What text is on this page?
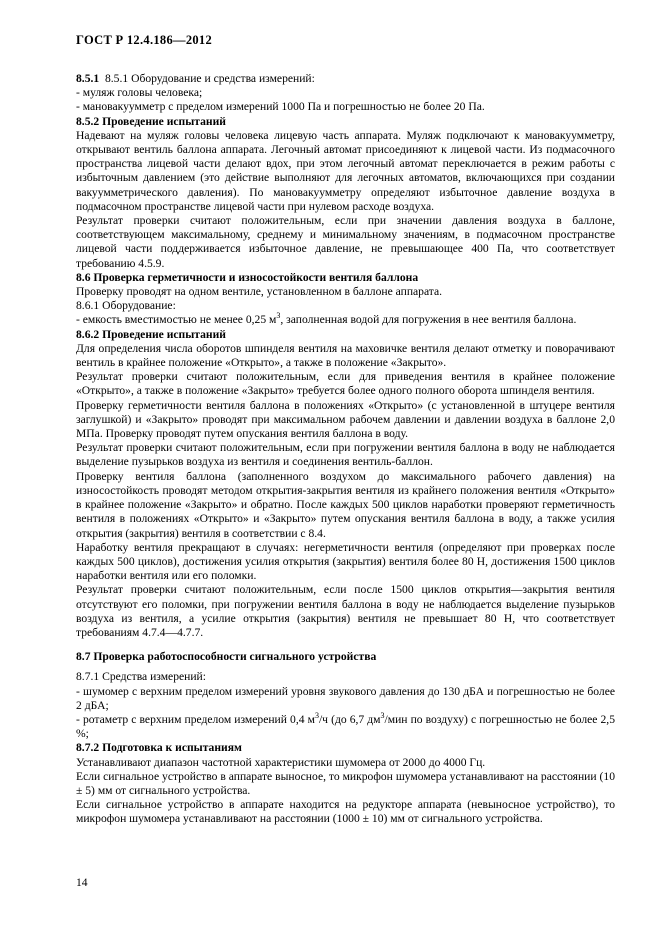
ГОСТ Р 12.4.186—2012

8.5.1 8.5.1 Оборудование и средства измерений:

- муляж головы человека;

- мановакуумметр с пределом измерений 1000 Па и погрешностью не более 20 Па.

8.5.2 Проведение испытаний

Надевают на муляж головы человека лицевую часть аппарата. Муляж подключают к мановакуумметру, открывают вентиль баллона аппарата. Легочный автомат присоединяют к лицевой части. Из подмасочного пространства лицевой части делают вдох, при этом легочный автомат переключается в режим работы с избыточным давлением (это действие выполняют для легочных автоматов, включающихся при создании вакуумметрического давления). По мановакуумметру определяют избыточное давление воздуха в подмасочном пространстве лицевой части при нулевом расходе воздуха.

Результат проверки считают положительным, если при значении давления воздуха в баллоне, соответствующем максимальному, среднему и минимальному значениям, в подмасочном пространстве лицевой части поддерживается избыточное давление, не превышающее 400 Па, что соответствует требованию 4.5.9.

8.6 Проверка герметичности и износостойкости вентиля баллона

Проверку проводят на одном вентиле, установленном в баллоне аппарата.

8.6.1 Оборудование:

- емкость вместимостью не менее 0,25 $м^3$, заполненная водой для погружения в нее вентиля баллона.

8.6.2 Проведение испытаний

Для определения числа оборотов шпинделя вентиля на маховичке вентиля делают отметку и поворачивают вентиль в крайнее положение «Открыто», а также в положение «Закрыто».

Результат проверки считают положительным, если для приведения вентиля в крайнее положение «Открыто», а также в положение «Закрыто» требуется более одного полного оборота шпинделя вентиля.

Проверку герметичности вентиля баллона в положениях «Открыто» (с установленной в штуцере вентиля заглушкой) и «Закрыто» проводят при максимальном рабочем давлении и давлении воздуха в баллоне 2,0 МПа. Проверку проводят путем опускания вентиля баллона в воду.

Результат проверки считают положительным, если при погружении вентиля баллона в воду не наблюдается выделение пузырьков воздуха из вентиля и соединения вентиль-баллон.

Проверку вентиля баллона (заполненного воздухом до максимального рабочего давления) на износостойкость проводят методом открытия-закрытия вентиля из крайнего положения вентиля «Открыто» в крайнее положение «Закрыто» и обратно. После каждых 500 циклов наработки проверяют герметичность вентиля в положениях «Открыто» и «Закрыто» путем опускания вентиля баллона в воду, а также усилия открытия (закрытия) вентиля в соответствии с 8.4.

Наработку вентиля прекращают в случаях: негерметичности вентиля (определяют при проверках после каждых 500 циклов), достижения усилия открытия (закрытия) вентиля более 80 Н, достижения 1500 циклов наработки вентиля или его поломки.

Результат проверки считают положительным, если после 1500 циклов открытия—закрытия вентиля отсутствуют его поломки, при погружении вентиля баллона в воду не наблюдается выделение пузырьков воздуха из вентиля, а усилие открытия (закрытия) вентиля не превышает 80 Н, что соответствует требованиям 4.7.4—4.7.7.

8.7 Проверка работоспособности сигнального устройства

8.7.1 Средства измерений:

- шумомер с верхним пределом измерений уровня звукового давления до 130 дБА и погрешностью не более 2 дБА;

- ротаметр с верхним пределом измерений 0,4 $м^3/ч$ (до 6,7 $дм^3$/мин по воздуху) с погрешностью не более 2,5 %;

8.7.2 Подготовка к испытаниям

Устанавливают диапазон частотной характеристики шумомера от 2000 до 4000 Гц.

Если сигнальное устройство в аппарате выносное, то микрофон шумомера устанавливают на расстоянии (10 ± 5) мм от сигнального устройства.

Если сигнальное устройство в аппарате находится на редукторе аппарата (невыносное устройство), то микрофон шумомера устанавливают на расстоянии (1000 ± 10) мм от сигнального устройства.

14
